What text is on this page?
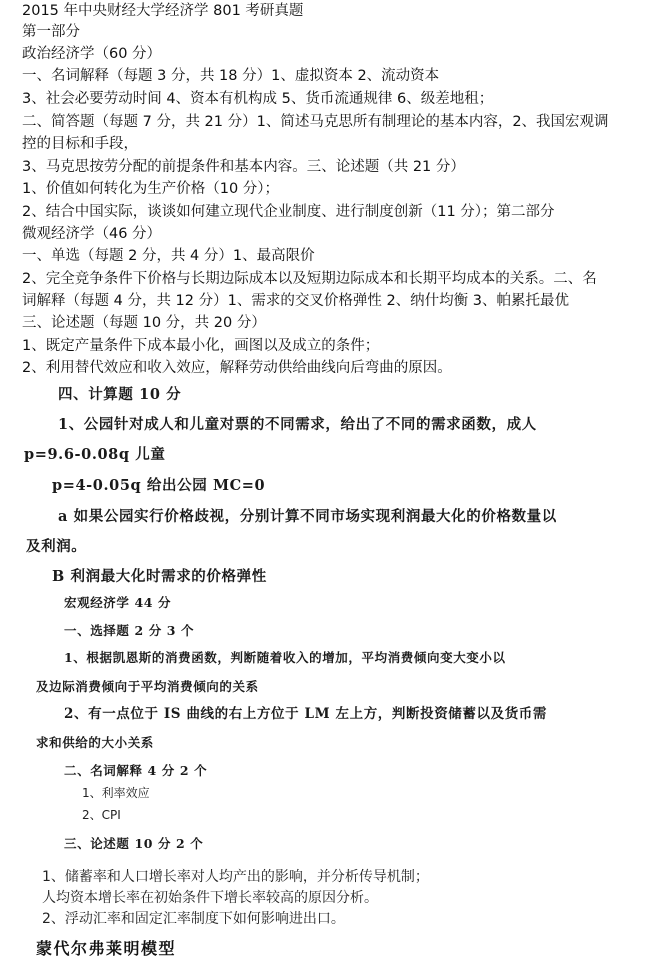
2015 年中央财经大学经济学 801 考研真题
第一部分
政治经济学（60 分）
一、名词解释（每题 3 分，共 18 分）1、虚拟资本 2、流动资本
3、社会必要劳动时间 4、资本有机构成 5、货币流通规律 6、级差地租；
二、简答题（每题 7 分，共 21 分）1、简述马克思所有制理论的基本内容，2、我国宏观调
控的目标和手段，
3、马克思按劳分配的前提条件和基本内容。三、论述题（共 21 分）
1、价值如何转化为生产价格（10 分）；
2、结合中国实际，谈谈如何建立现代企业制度、进行制度创新（11 分）；第二部分
微观经济学（46 分）
一、单选（每题 2 分，共 4 分）1、最高限价
2、完全竞争条件下价格与长期边际成本以及短期边际成本和长期平均成本的关系。二、名
词解释（每题 4 分，共 12 分）1、需求的交叉价格弹性 2、纳什均衡 3、帕累托最优
三、论述题（每题 10 分，共 20 分）
1、既定产量条件下成本最小化，画图以及成立的条件；
2、利用替代效应和收入效应，解释劳动供给曲线向后弯曲的原因。
四、计算题 10 分
1、公园针对成人和儿童对票的不同需求，给出了不同的需求函数，成人
p=9.6-0.08q 儿童
p=4-0.05q 给出公园 MC=0
a 如果公园实行价格歧视，分别计算不同市场实现利润最大化的价格数量以
及利润。
B 利润最大化时需求的价格弹性
宏观经济学 44 分
一、选择题 2 分 3 个
1、根据凯恩斯的消费函数，判断随着收入的增加，平均消费倾向变大变小以
及边际消费倾向于平均消费倾向的关系
2、有一点位于 IS 曲线的右上方位于 LM 左上方，判断投资储蓄以及货币需
求和供给的大小关系
二、名词解释 4 分 2 个
1、利率效应
2、CPI
三、论述题 10 分 2 个
1、储蓄率和人口增长率对人均产出的影响，并分析传导机制；
人均资本增长率在初始条件下增长率较高的原因分析。
2、浮动汇率和固定汇率制度下如何影响进出口。
蒙代尔弗莱明模型
